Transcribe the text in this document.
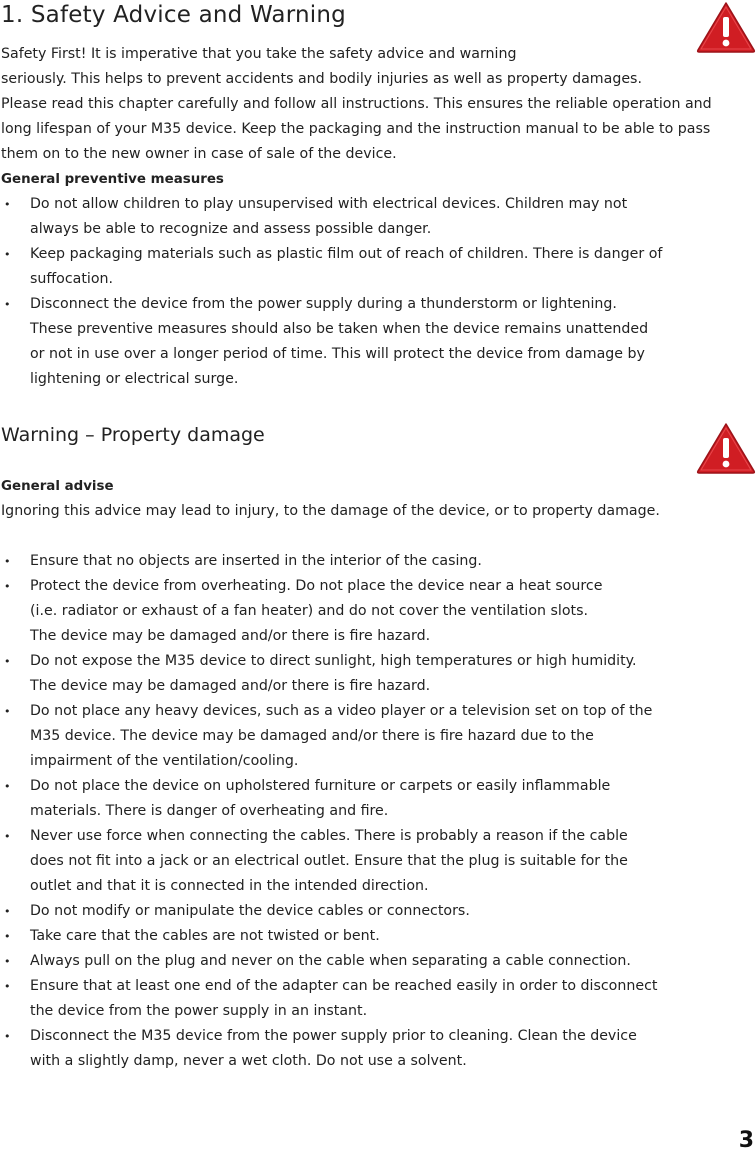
1. Safety Advice and Warning
Safety First! It is imperative that you take the safety advice and warning
seriously. This helps to prevent accidents and bodily injuries as well as property damages.
Please read this chapter carefully and follow all instructions. This ensures the reliable operation and
long lifespan of your M35 device. Keep the packaging and the instruction manual to be able to pass
them on to the new owner in case of sale of the device.
General preventive measures
• Do not allow children to play unsupervised with electrical devices. Children may not
always be able to recognize and assess possible danger.
• Keep packaging materials such as plastic film out of reach of children. There is danger of
suffocation.
• Disconnect the device from the power supply during a thunderstorm or lightening.
These preventive measures should also be taken when the device remains unattended
or not in use over a longer period of time. This will protect the device from damage by
lightening or electrical surge.
Warning – Property damage
General advise
Ignoring this advice may lead to injury, to the damage of the device, or to property damage.
• Ensure that no objects are inserted in the interior of the casing.
• Protect the device from overheating. Do not place the device near a heat source
(i.e. radiator or exhaust of a fan heater) and do not cover the ventilation slots.
The device may be damaged and/or there is fire hazard.
• Do not expose the M35 device to direct sunlight, high temperatures or high humidity.
The device may be damaged and/or there is fire hazard.
• Do not place any heavy devices, such as a video player or a television set on top of the
M35 device. The device may be damaged and/or there is fire hazard due to the
impairment of the ventilation/cooling.
• Do not place the device on upholstered furniture or carpets or easily inflammable
materials. There is danger of overheating and fire.
• Never use force when connecting the cables. There is probably a reason if the cable
does not fit into a jack or an electrical outlet. Ensure that the plug is suitable for the
outlet and that it is connected in the intended direction.
• Do not modify or manipulate the device cables or connectors.
• Take care that the cables are not twisted or bent.
• Always pull on the plug and never on the cable when separating a cable connection.
• Ensure that at least one end of the adapter can be reached easily in order to disconnect
the device from the power supply in an instant.
• Disconnect the M35 device from the power supply prior to cleaning. Clean the device
with a slightly damp, never a wet cloth. Do not use a solvent.
3
